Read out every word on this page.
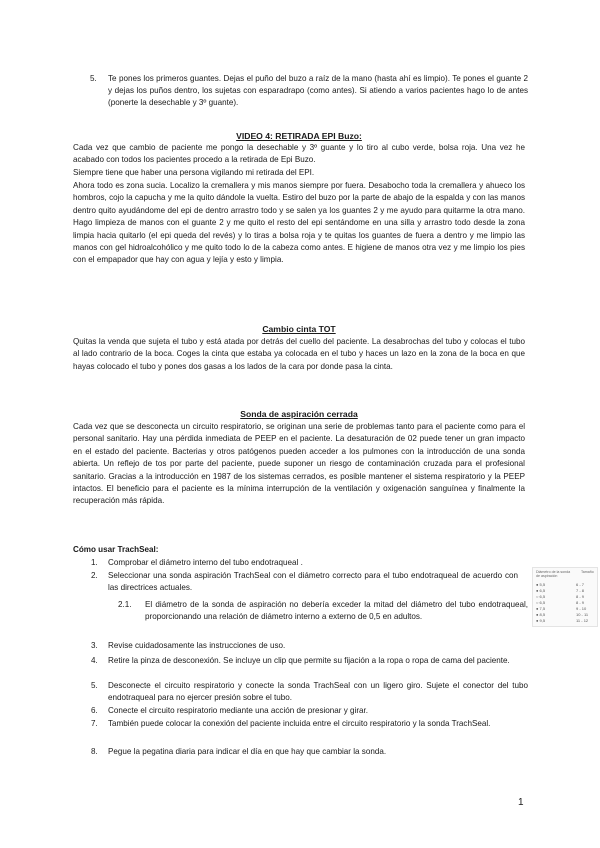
5. Te pones los primeros guantes. Dejas el puño del buzo a raíz de la mano (hasta ahí es limpio). Te pones el guante 2 y dejas los puños dentro, los sujetas con esparadrapo (como antes). Si atiendo a varios pacientes hago lo de antes (ponerte la desechable y 3º guante).

VIDEO 4: RETIRADA EPI Buzo:

Cada vez que cambio de paciente me pongo la desechable y 3º guante y lo tiro al cubo verde, bolsa roja. Una vez he acabado con todos los pacientes procedo a la retirada de Epi Buzo.

Siempre tiene que haber una persona vigilando mi retirada del EPI.

Ahora todo es zona sucia. Localizo la cremallera y mis manos siempre por fuera. Desabocho toda la cremallera y ahueco los hombros, cojo la capucha y me la quito dándole la vuelta. Estiro del buzo por la parte de abajo de la espalda y con las manos dentro quito ayudándome del epi de dentro arrastro todo y se salen ya los guantes 2 y me ayudo para quitarme la otra mano. Hago limpieza de manos con el guante 2 y me quito el resto del epi sentándome en una silla y arrastro todo desde la zona limpia hacia quitarlo (el epi queda del revés) y lo tiras a bolsa roja y te quitas los guantes de fuera a dentro y me limpio las manos con gel hidroalcohólico y me quito todo lo de la cabeza como antes. E higiene de manos otra vez y me limpio los pies con el empapador que hay con agua y lejía y esto y limpia.

Cambio cinta TOT

Quitas la venda que sujeta el tubo y está atada por detrás del cuello del paciente. La desabrochas del tubo y colocas el tubo al lado contrario de la boca. Coges la cinta que estaba ya colocada en el tubo y haces un lazo en la zona de la boca en que hayas colocado el tubo y pones dos gasas a los lados de la cara por donde pasa la cinta.

Sonda de aspiración cerrada

Cada vez que se desconecta un circuito respiratorio, se originan una serie de problemas tanto para el paciente como para el personal sanitario. Hay una pérdida inmediata de PEEP en el paciente. La desaturación de 02 puede tener un gran impacto en el estado del paciente. Bacterias y otros patógenos pueden acceder a los pulmones con la introducción de una sonda abierta. Un reflejo de tos por parte del paciente, puede suponer un riesgo de contaminación cruzada para el profesional sanitario. Gracias a la introducción en 1987 de los sistemas cerrados, es posible mantener el sistema respiratorio y la PEEP intactos. El beneficio para el paciente es la mínima interrupción de la ventilación y oxigenación sanguínea y finalmente la recuperación más rápida.

Cómo usar TrachSeal:
1. Comprobar el diámetro interno del tubo endotraqueal .

2. Seleccionar una sonda aspiración TrachSeal con el diámetro correcto para el tubo endotraqueal de acuerdo con las directrices actuales.

2.1. El diámetro de la sonda de aspiración no debería exceder la mitad del diámetro del tubo endotraqueal, proporcionando una relación de diámetro interno a externo de 0,5 en adultos.

3. Revise cuidadosamente las instrucciones de uso.

4. Retire la pinza de desconexión. Se incluye un clip que permite su fijación a la ropa o ropa de cama del paciente.

5. Desconecte el circuito respiratorio y conecte la sonda TrachSeal con un ligero giro. Sujete el conector del tubo endotraqueal para no ejercer presión sobre el tubo.

6. Conecte el circuito respiratorio mediante una acción de presionar y girar.

7. También puede colocar la conexión del paciente incluida entre el circuito respiratorio y la sonda TrachSeal.

8. Pegue la pegatina diaria para indicar el día en que hay que cambiar la sonda.

Diámetro de la sonda de aspiración
Tamaño
● 5,5	6 - 7
● 6,5	7 - 8
○ 6,5	8 - 9
○ 6,5	8 - 9
● 7,5	9 - 10
● 8,5	10 - 11
● 9,5	11 - 12
1
